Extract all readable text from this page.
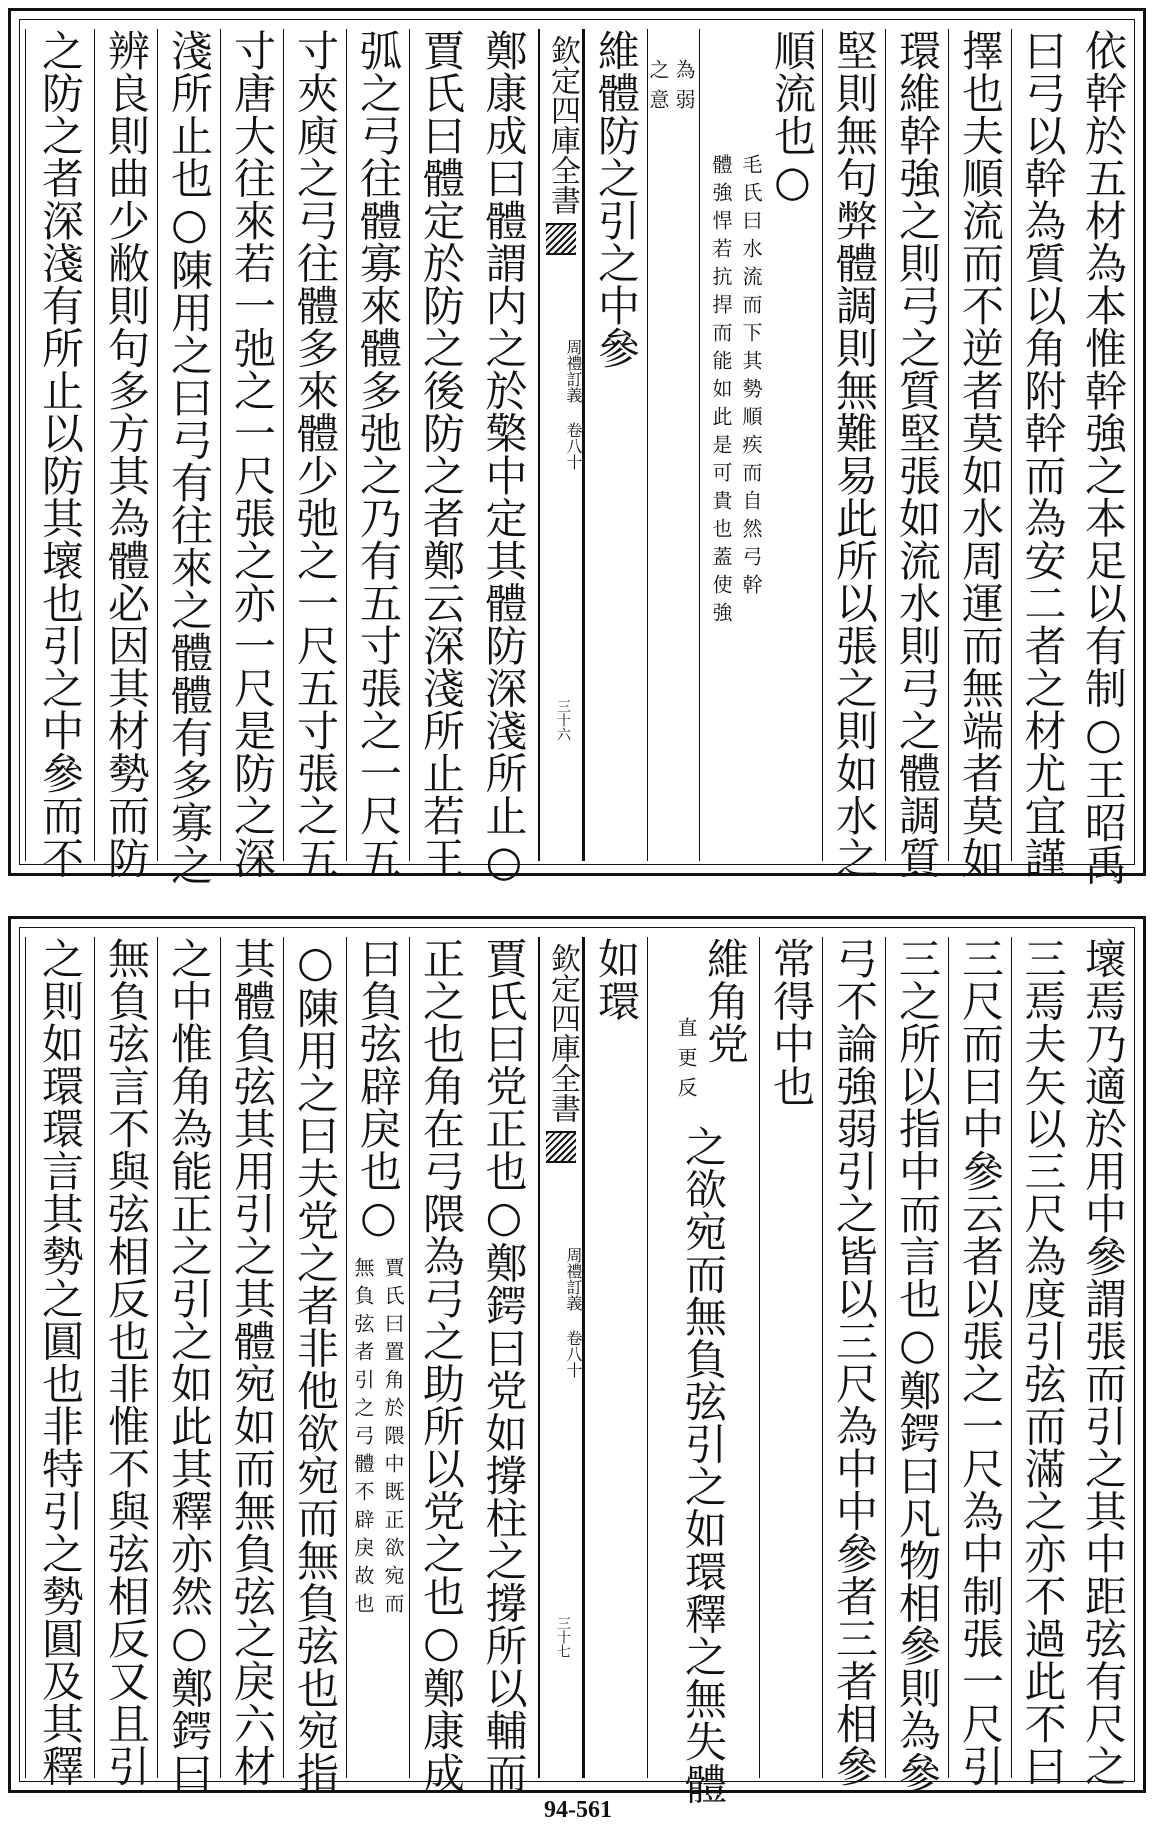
依幹於五材為本惟幹強之本足以有制○王昭禹
曰弓以幹為質以角附幹而為安二者之材尤宜謹
擇也夫順流而不逆者莫如水周運而無端者莫如
環維幹強之則弓之質堅張如流水則弓之體調質
堅則無句弊體調則無難易此所以張之則如水之
順流也○
毛氏曰水流而下其勢順疾而自然弓幹
體強悍若抗捍而能如此是可貴也蓋使強
為弱
之意
維體防之引之中參
欽定四庫全書
周禮訂義 卷八十
三十六
鄭康成曰體謂内之於檠中定其體防深淺所止○
賈氏曰體定於防之後防之者鄭云深淺所止若王
弧之弓往體寡來體多弛之乃有五寸張之一尺五
寸夾庾之弓往體多來體少弛之一尺五寸張之五
寸唐大往來若一弛之一尺張之亦一尺是防之深
淺所止也○陳用之曰弓有往來之體體有多寡之
辨良則曲少敝則句多方其為體必因其材勢而防
之防之者深淺有所止以防其壞也引之中參而不
壞焉乃適於用中參謂張而引之其中距弦有尺之
三焉夫矢以三尺為度引弦而滿之亦不過此不曰
三尺而曰中參云者以張之一尺為中制張一尺引
三之所以指中而言也○鄭鍔曰凡物相參則為參
弓不論強弱引之皆以三尺為中中參者三者相參
常得中也
維角党
直更反
之欲宛而無負弦引之如環釋之無失體
如環
欽定四庫全書
周禮訂義 卷八十
三十七
賈氏曰党正也○鄭鍔曰党如撐柱之撐所以輔而
正之也角在弓隈為弓之助所以党之也○鄭康成
曰負弦辟戾也○
賈氏曰置角於隈中既正欲宛而
無負弦者引之弓體不辟戾故也
○陳用之曰夫党之者非他欲宛而無負弦也宛指
其體負弦其用引之其體宛如而無負弦之戾六材
之中惟角為能正之引之如此其釋亦然○鄭鍔曰
無負弦言不與弦相反也非惟不與弦相反又且引
之則如環環言其勢之圓也非特引之勢圓及其釋
94-561
